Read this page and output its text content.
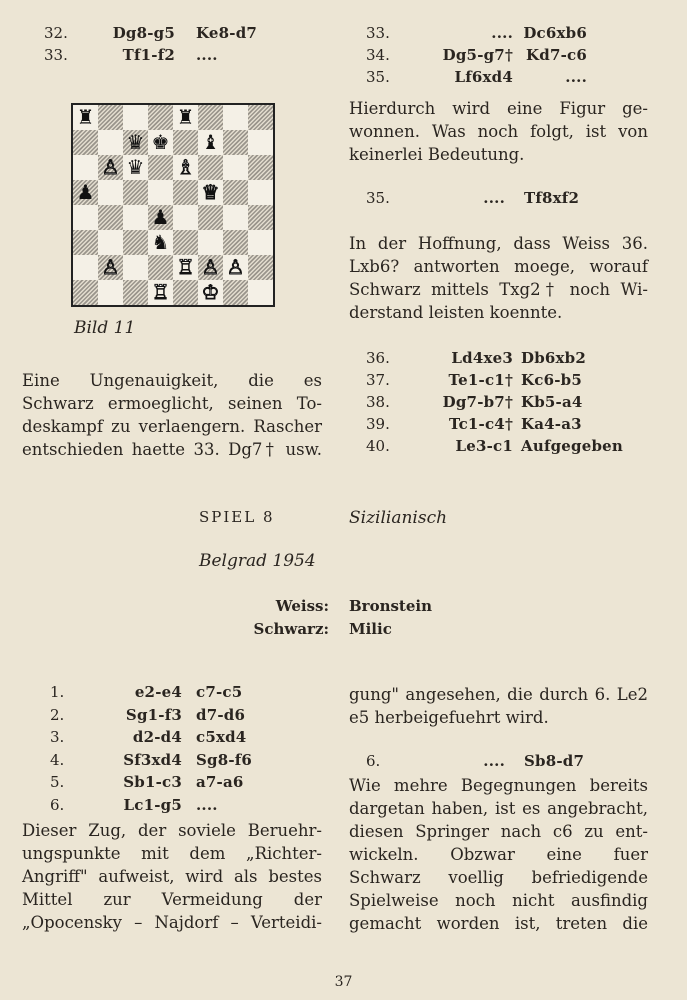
♜	♜
♛ ♚ ♝
♙ ♛ ♗
♟	♕
♟
♞
♙	♖ ♙ ♙
♖ ♔
Bild 11
Eine Ungenauigkeit, die es
Schwarz ermoeglicht, seinen To-
deskampf zu verlaengern. Rascher
entschieden haette 33. Dg7† usw.
Hierdurch wird eine Figur ge-
wonnen. Was noch folgt, ist von
keinerlei Bedeutung.
In der Hoffnung, dass Weiss 36.
Lxb6? antworten moege, worauf
Schwarz mittels Txg2† noch Wi-
derstand leisten koennte.
SPIEL 8	Sizilianisch
Belgrad 1954
Weiss: Bronstein
Schwarz: Milic
Dieser Zug, der soviele Beruehr-
ungspunkte mit dem „Richter-
Angriff" aufweist, wird als bestes
Mittel zur Vermeidung der
„Opocensky – Najdorf – Verteidi-
gung" angesehen, die durch 6. Le2
e5 herbeigefuehrt wird.
Wie mehre Begegnungen bereits
dargetan haben, ist es angebracht,
diesen Springer nach c6 zu ent-
wickeln. Obzwar eine fuer
Schwarz voellig befriedigende
Spielweise noch nicht ausfindig
gemacht worden ist, treten die
37
32.	Dg8-g5 Ke8-d7
33.	Tf1-f2 ....
33.	.... Dc6xb6
34.	Dg5-g7† Kd7-c6
35.	Lf6xd4	....
35.	.... Tf8xf2
36.	Ld4xe3 Db6xb2
37.	Te1-c1† Kc6-b5
38.	Dg7-b7† Kb5-a4
39.	Tc1-c4† Ka4-a3
40.	Le3-c1 Aufgegeben
1.	e2-e4 c7-c5
2.	Sg1-f3 d7-d6
3.	d2-d4 c5xd4
4.	Sf3xd4 Sg8-f6
5.	Sb1-c3 a7-a6
6.	Lc1-g5 ....
6.	.... Sb8-d7
